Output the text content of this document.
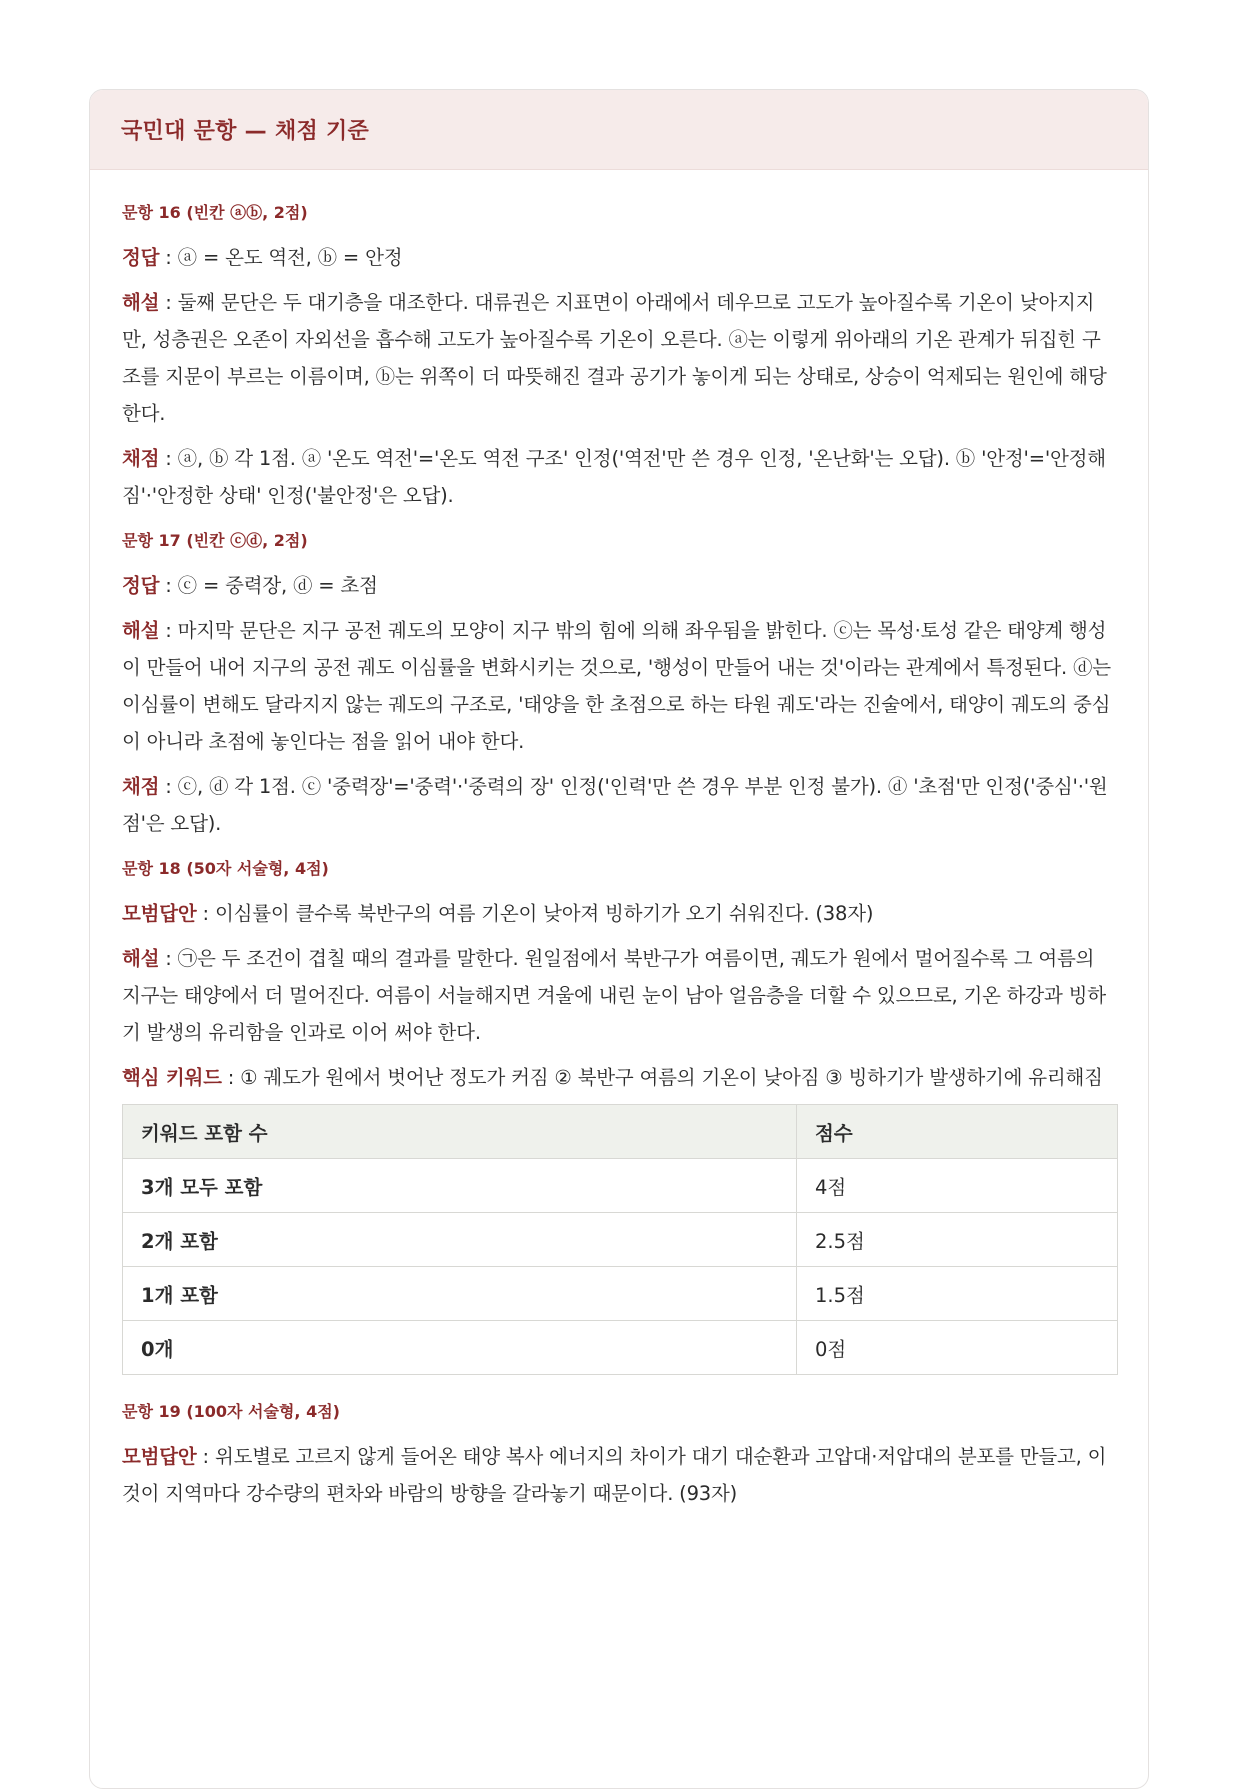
국민대 문항 — 채점 기준
문항 16 (빈칸 ⓐⓑ, 2점)

정답 : ⓐ = 온도 역전, ⓑ = 안정

해설 : 둘째 문단은 두 대기층을 대조한다. 대류권은 지표면이 아래에서 데우므로 고도가 높아질수록 기온이 낮아지지만, 성층권은 오존이 자외선을 흡수해 고도가 높아질수록 기온이 오른다. ⓐ는 이렇게 위아래의 기온 관계가 뒤집힌 구조를 지문이 부르는 이름이며, ⓑ는 위쪽이 더 따뜻해진 결과 공기가 놓이게 되는 상태로, 상승이 억제되는 원인에 해당한다.

채점 : ⓐ, ⓑ 각 1점. ⓐ '온도 역전'='온도 역전 구조' 인정('역전'만 쓴 경우 인정, '온난화'는 오답). ⓑ '안정'='안정해짐'·'안정한 상태' 인정('불안정'은 오답).

문항 17 (빈칸 ⓒⓓ, 2점)

정답 : ⓒ = 중력장, ⓓ = 초점

해설 : 마지막 문단은 지구 공전 궤도의 모양이 지구 밖의 힘에 의해 좌우됨을 밝힌다. ⓒ는 목성·토성 같은 태양계 행성이 만들어 내어 지구의 공전 궤도 이심률을 변화시키는 것으로, '행성이 만들어 내는 것'이라는 관계에서 특정된다. ⓓ는 이심률이 변해도 달라지지 않는 궤도의 구조로, '태양을 한 초점으로 하는 타원 궤도'라는 진술에서, 태양이 궤도의 중심이 아니라 초점에 놓인다는 점을 읽어 내야 한다.

채점 : ⓒ, ⓓ 각 1점. ⓒ '중력장'='중력'·'중력의 장' 인정('인력'만 쓴 경우 부분 인정 불가). ⓓ '초점'만 인정('중심'·'원점'은 오답).

문항 18 (50자 서술형, 4점)

모범답안 : 이심률이 클수록 북반구의 여름 기온이 낮아져 빙하기가 오기 쉬워진다. (38자)

해설 : ㉠은 두 조건이 겹칠 때의 결과를 말한다. 원일점에서 북반구가 여름이면, 궤도가 원에서 멀어질수록 그 여름의 지구는 태양에서 더 멀어진다. 여름이 서늘해지면 겨울에 내린 눈이 남아 얼음층을 더할 수 있으므로, 기온 하강과 빙하기 발생의 유리함을 인과로 이어 써야 한다.

핵심 키워드 : ① 궤도가 원에서 벗어난 정도가 커짐 ② 북반구 여름의 기온이 낮아짐 ③ 빙하기가 발생하기에 유리해짐

키워드 포함 수	점수
3개 모두 포함	4점
2개 포함	2.5점
1개 포함	1.5점
0개	0점
문항 19 (100자 서술형, 4점)

모범답안 : 위도별로 고르지 않게 들어온 태양 복사 에너지의 차이가 대기 대순환과 고압대·저압대의 분포를 만들고, 이것이 지역마다 강수량의 편차와 바람의 방향을 갈라놓기 때문이다. (93자)
